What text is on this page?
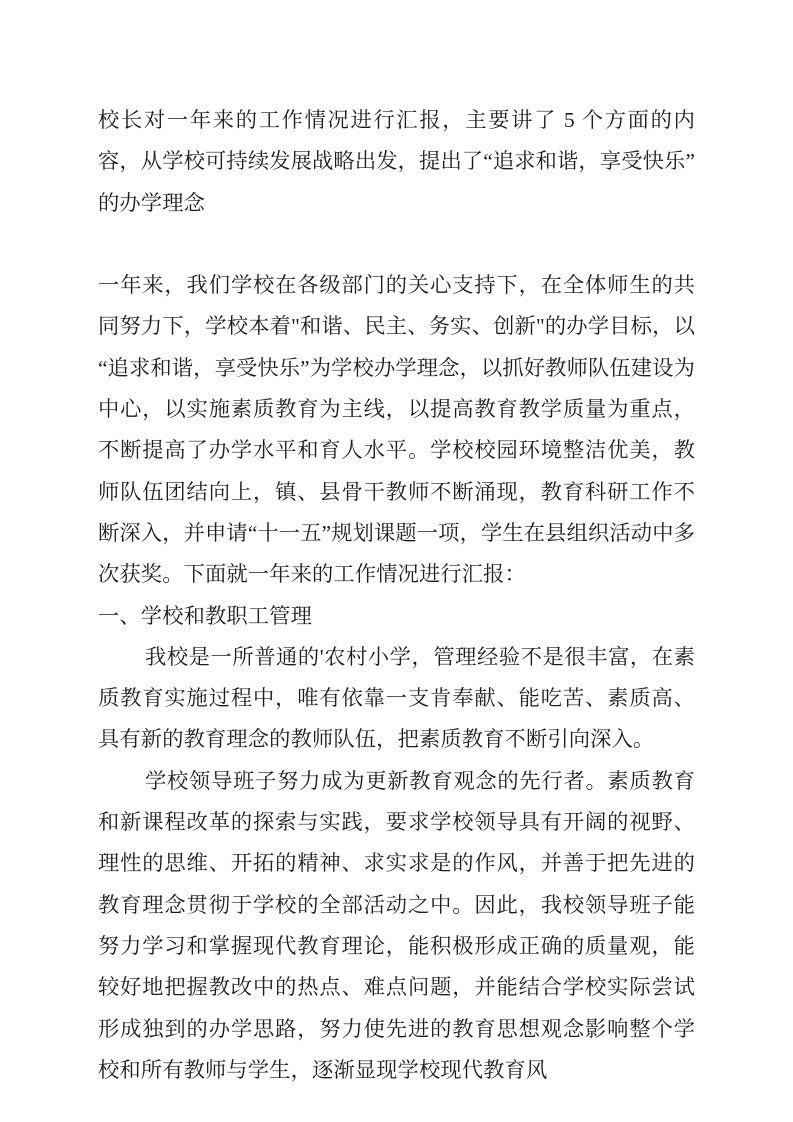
校长对一年来的工作情况进行汇报，主要讲了 5 个方面的内容，从学校可持续发展战略出发，提出了“追求和谐，享受快乐”的办学理念

一年来，我们学校在各级部门的关心支持下，在全体师生的共同努力下，学校本着"和谐、民主、务实、创新"的办学目标，以“追求和谐，享受快乐”为学校办学理念，以抓好教师队伍建设为中心，以实施素质教育为主线，以提高教育教学质量为重点，不断提高了办学水平和育人水平。学校校园环境整洁优美，教师队伍团结向上，镇、县骨干教师不断涌现，教育科研工作不断深入，并申请“十一五”规划课题一项，学生在县组织活动中多次获奖。下面就一年来的工作情况进行汇报：

一、学校和教职工管理

我校是一所普通的'农村小学，管理经验不是很丰富，在素质教育实施过程中，唯有依靠一支肯奉献、能吃苦、素质高、具有新的教育理念的教师队伍，把素质教育不断引向深入。

学校领导班子努力成为更新教育观念的先行者。素质教育和新课程改革的探索与实践，要求学校领导具有开阔的视野、理性的思维、开拓的精神、求实求是的作风，并善于把先进的教育理念贯彻于学校的全部活动之中。因此，我校领导班子能努力学习和掌握现代教育理论，能积极形成正确的质量观，能较好地把握教改中的热点、难点问题，并能结合学校实际尝试形成独到的办学思路，努力使先进的教育思想观念影响整个学校和所有教师与学生，逐渐显现学校现代教育风
